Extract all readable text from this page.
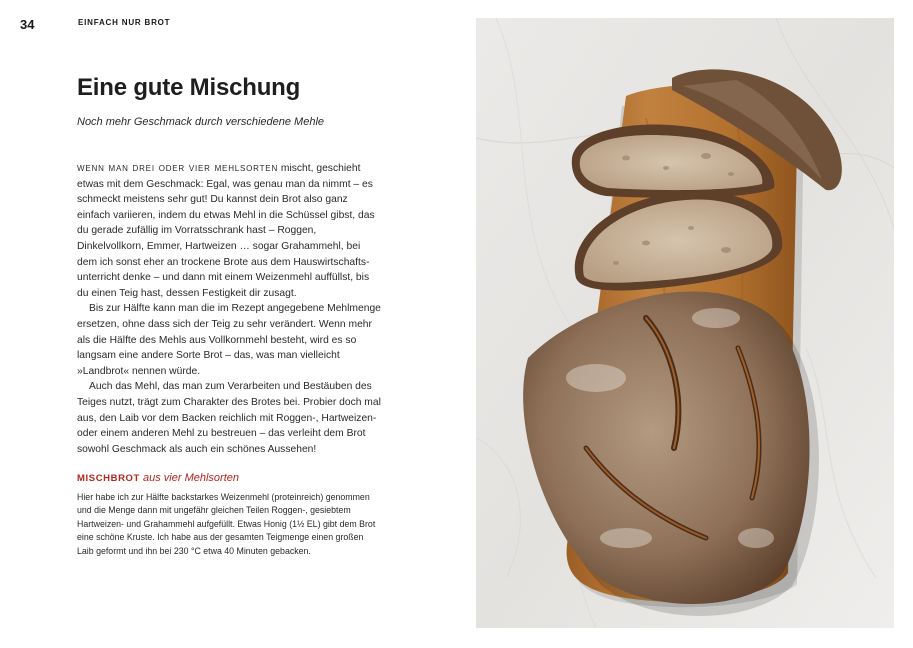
34	EINFACH NUR BROT
Eine gute Mischung
Noch mehr Geschmack durch verschiedene Mehle

wenn man drei oder vier mehlsorten mischt, geschieht etwas mit dem Geschmack: Egal, was genau man da nimmt – es schmeckt meistens sehr gut! Du kannst dein Brot also ganz einfach variieren, indem du etwas Mehl in die Schüssel gibst, das du gerade zufällig im Vorratsschrank hast – Roggen, Dinkelvollkorn, Emmer, Hartweizen … sogar Grahammehl, bei dem ich sonst eher an trockene Brote aus dem Hauswirtschaftsunterricht denke – und dann mit einem Weizenmehl auffüllst, bis du einen Teig hast, dessen Festigkeit dir zusagt.

Bis zur Hälfte kann man die im Rezept angegebene Mehlmenge ersetzen, ohne dass sich der Teig zu sehr verändert. Wenn mehr als die Hälfte des Mehls aus Vollkornmehl besteht, wird es so langsam eine andere Sorte Brot – das, was man vielleicht »Landbrot« nennen würde.

Auch das Mehl, das man zum Verarbeiten und Bestäuben des Teiges nutzt, trägt zum Charakter des Brotes bei. Probier doch mal aus, den Laib vor dem Backen reichlich mit Roggen-, Hartweizen- oder einem anderen Mehl zu bestreuen – das verleiht dem Brot sowohl Geschmack als auch ein schönes Aussehen!

MISCHBROT aus vier Mehlsorten
Hier habe ich zur Hälfte backstarkes Weizenmehl (proteinreich) genommen und die Menge dann mit ungefähr gleichen Teilen Roggen-, gesiebtem Hartweizen- und Grahammehl aufgefüllt. Etwas Honig (1½ EL) gibt dem Brot eine schöne Kruste. Ich habe aus der gesamten Teigmenge einen großen Laib geformt und ihn bei 230 °C etwa 40 Minuten gebacken.
